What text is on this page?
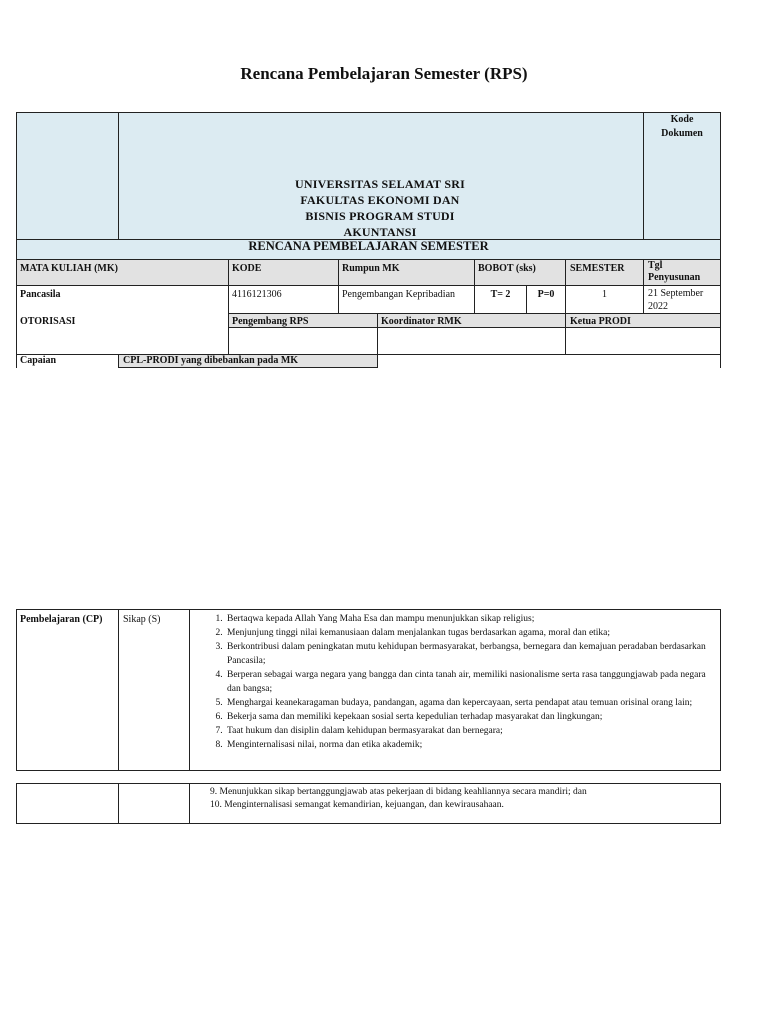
Rencana Pembelajaran Semester (RPS)
UNIVERSITAS SELAMAT SRI
FAKULTAS EKONOMI DAN
BISNIS PROGRAM STUDI
AKUNTANSI
Kode
Dokumen
RENCANA PEMBELAJARAN SEMESTER
MATA KULIAH (MK)	KODE	Rumpun MK	BOBOT (sks)	SEMESTER Tgl
Penyusunan
Pancasila	4116121306	Pengembangan Kepribadian	T= 2	P=0	1	21 September
2022
OTORISASI	Pengembang RPS	Koordinator RMK	Ketua PRODI
Capaian	CPL-PRODI yang dibebankan pada MK
Pembelajaran (CP) Sikap (S)
1.	Bertaqwa kepada Allah Yang Maha Esa dan mampu menunjukkan sikap religius;
2. Menjunjung tinggi nilai kemanusiaan dalam menjalankan tugas berdasarkan agama, moral dan etika;
3. Berkontribusi dalam peningkatan mutu kehidupan bermasyarakat, berbangsa, bernegara dan kemajuan peradaban berdasarkan Pancasila;
4. Berperan sebagai warga negara yang bangga dan cinta tanah air, memiliki nasionalisme serta rasa tanggungjawab pada negara dan bangsa;
5. Menghargai keanekaragaman budaya, pandangan, agama dan kepercayaan, serta pendapat atau temuan orisinal orang lain;
6. Bekerja sama dan memiliki kepekaan sosial serta kepedulian terhadap masyarakat dan lingkungan;
7. Taat hukum dan disiplin dalam kehidupan bermasyarakat dan bernegara;
8. Menginternalisasi nilai, norma dan etika akademik;
9. Menunjukkan sikap bertanggungjawab atas pekerjaan di bidang keahliannya secara mandiri; dan
10. Menginternalisasi semangat kemandirian, kejuangan, dan kewirausahaan.
